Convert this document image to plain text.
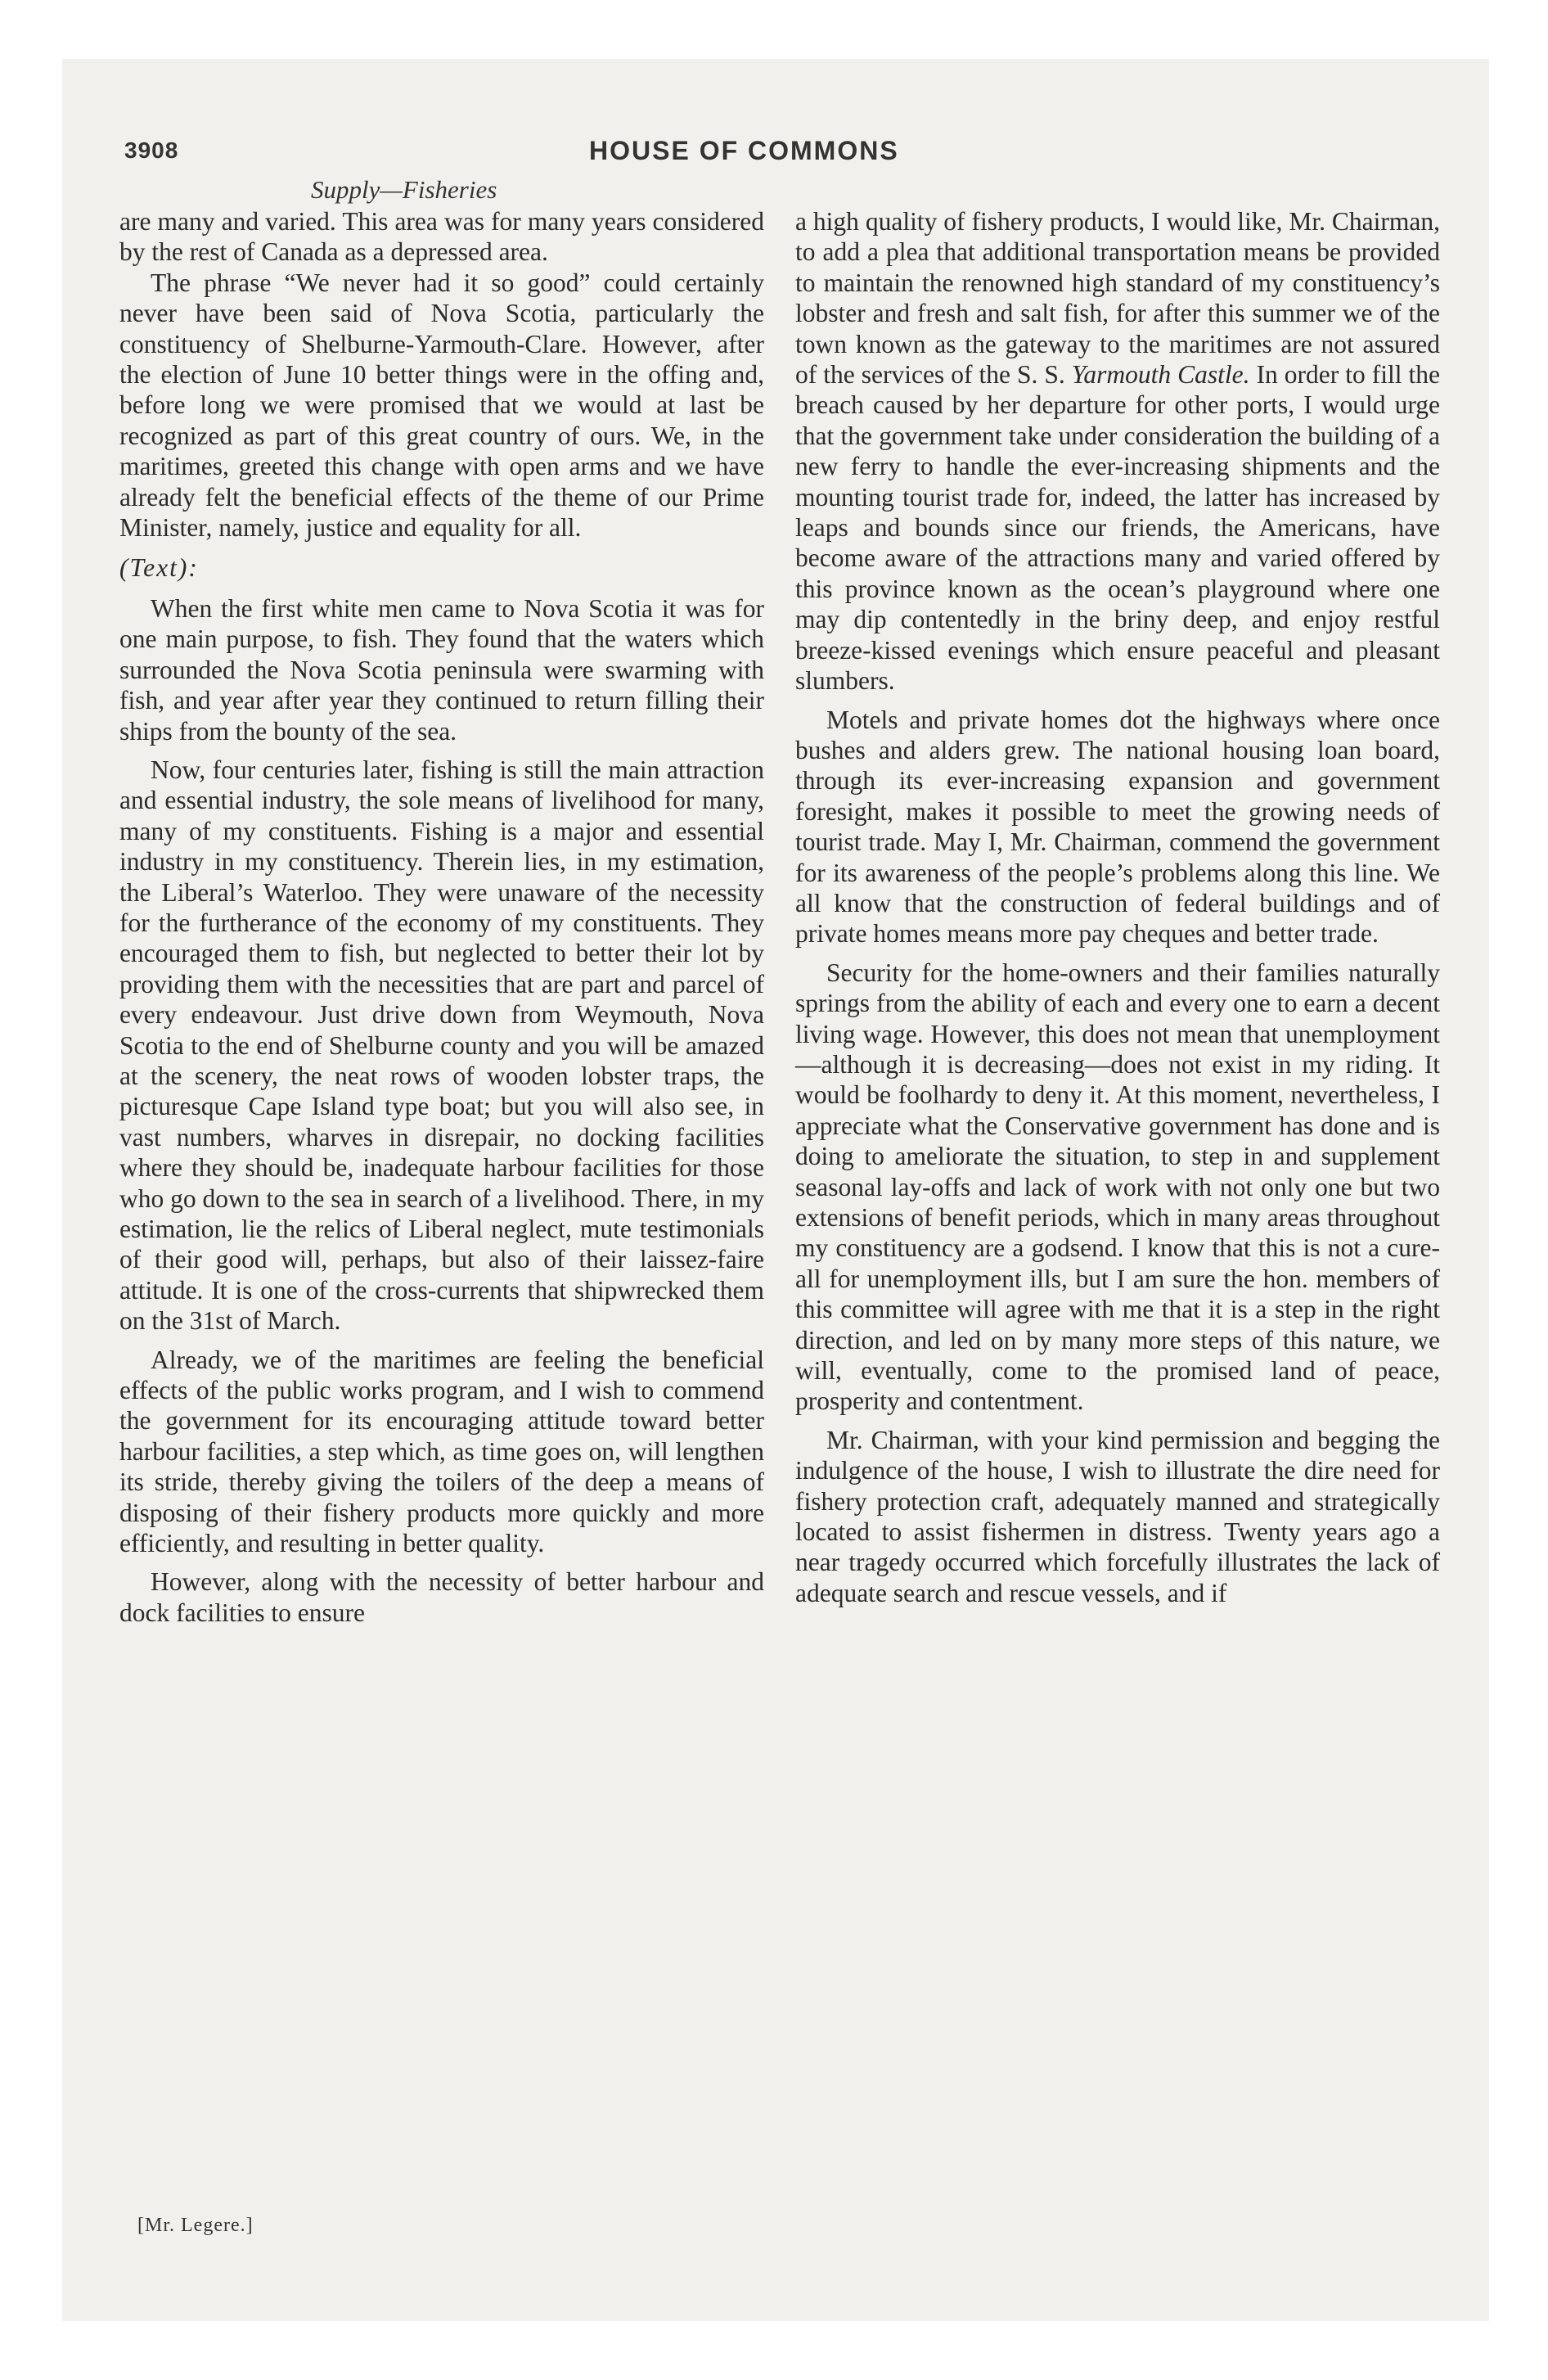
3908	HOUSE OF COMMONS
Supply—Fisheries

are many and varied. This area was for many years considered by the rest of Canada as a depressed area.

The phrase “We never had it so good” could certainly never have been said of Nova Scotia, particularly the constituency of Shelburne-Yarmouth-Clare. However, after the election of June 10 better things were in the offing and, before long we were promised that we would at last be recognized as part of this great country of ours. We, in the maritimes, greeted this change with open arms and we have already felt the beneficial effects of the theme of our Prime Minister, namely, justice and equality for all.

(Text):

When the first white men came to Nova Scotia it was for one main purpose, to fish. They found that the waters which surrounded the Nova Scotia peninsula were swarming with fish, and year after year they continued to return filling their ships from the bounty of the sea.

Now, four centuries later, fishing is still the main attraction and essential industry, the sole means of livelihood for many, many of my constituents. Fishing is a major and essential industry in my constituency. Therein lies, in my estimation, the Liberal’s Waterloo. They were unaware of the necessity for the furtherance of the economy of my constituents. They encouraged them to fish, but neglected to better their lot by providing them with the necessities that are part and parcel of every endeavour. Just drive down from Weymouth, Nova Scotia to the end of Shelburne county and you will be amazed at the scenery, the neat rows of wooden lobster traps, the picturesque Cape Island type boat; but you will also see, in vast numbers, wharves in disrepair, no docking facilities where they should be, inadequate harbour facilities for those who go down to the sea in search of a livelihood. There, in my estimation, lie the relics of Liberal neglect, mute testimonials of their good will, perhaps, but also of their laissez-faire attitude. It is one of the cross-currents that shipwrecked them on the 31st of March.

Already, we of the maritimes are feeling the beneficial effects of the public works program, and I wish to commend the government for its encouraging attitude toward better harbour facilities, a step which, as time goes on, will lengthen its stride, thereby giving the toilers of the deep a means of disposing of their fishery products more quickly and more efficiently, and resulting in better quality.

However, along with the necessity of better harbour and dock facilities to ensure

a high quality of fishery products, I would like, Mr. Chairman, to add a plea that additional transportation means be provided to maintain the renowned high standard of my constituency’s lobster and fresh and salt fish, for after this summer we of the town known as the gateway to the maritimes are not assured of the services of the S. S. Yarmouth Castle. In order to fill the breach caused by her departure for other ports, I would urge that the government take under consideration the building of a new ferry to handle the ever-increasing shipments and the mounting tourist trade for, indeed, the latter has increased by leaps and bounds since our friends, the Americans, have become aware of the attractions many and varied offered by this province known as the ocean’s playground where one may dip contentedly in the briny deep, and enjoy restful breeze-kissed evenings which ensure peaceful and pleasant slumbers.

Motels and private homes dot the highways where once bushes and alders grew. The national housing loan board, through its ever-increasing expansion and government foresight, makes it possible to meet the growing needs of tourist trade. May I, Mr. Chairman, commend the government for its awareness of the people’s problems along this line. We all know that the construction of federal buildings and of private homes means more pay cheques and better trade.

Security for the home-owners and their families naturally springs from the ability of each and every one to earn a decent living wage. However, this does not mean that unemployment—although it is decreasing—does not exist in my riding. It would be foolhardy to deny it. At this moment, nevertheless, I appreciate what the Conservative government has done and is doing to ameliorate the situation, to step in and supplement seasonal lay-offs and lack of work with not only one but two extensions of benefit periods, which in many areas throughout my constituency are a godsend. I know that this is not a cure-all for unemployment ills, but I am sure the hon. members of this committee will agree with me that it is a step in the right direction, and led on by many more steps of this nature, we will, eventually, come to the promised land of peace, prosperity and contentment.

Mr. Chairman, with your kind permission and begging the indulgence of the house, I wish to illustrate the dire need for fishery protection craft, adequately manned and strategically located to assist fishermen in distress. Twenty years ago a near tragedy occurred which forcefully illustrates the lack of adequate search and rescue vessels, and if

[Mr. Legere.]
